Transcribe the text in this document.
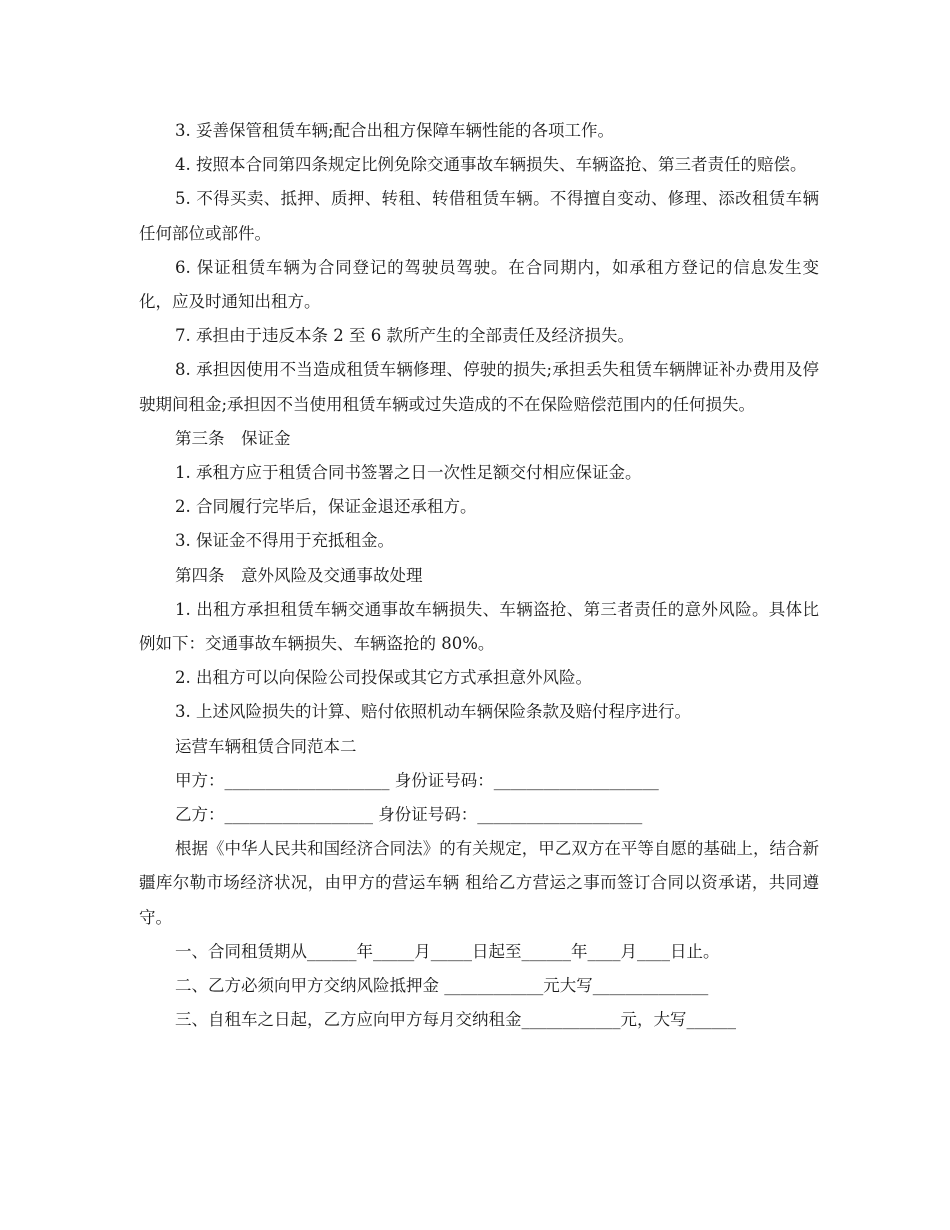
3. 妥善保管租赁车辆;配合出租方保障车辆性能的各项工作。

4. 按照本合同第四条规定比例免除交通事故车辆损失、车辆盗抢、第三者责任的赔偿。

5. 不得买卖、抵押、质押、转租、转借租赁车辆。不得擅自变动、修理、添改租赁车辆任何部位或部件。

6. 保证租赁车辆为合同登记的驾驶员驾驶。在合同期内，如承租方登记的信息发生变化，应及时通知出租方。

7. 承担由于违反本条 2 至 6 款所产生的全部责任及经济损失。

8. 承担因使用不当造成租赁车辆修理、停驶的损失;承担丢失租赁车辆牌证补办费用及停驶期间租金;承担因不当使用租赁车辆或过失造成的不在保险赔偿范围内的任何损失。

第三条　保证金

1. 承租方应于租赁合同书签署之日一次性足额交付相应保证金。

2. 合同履行完毕后，保证金退还承租方。

3. 保证金不得用于充抵租金。

第四条　意外风险及交通事故处理

1. 出租方承担租赁车辆交通事故车辆损失、车辆盗抢、第三者责任的意外风险。具体比例如下：交通事故车辆损失、车辆盗抢的 80%。

2. 出租方可以向保险公司投保或其它方式承担意外风险。

3. 上述风险损失的计算、赔付依照机动车辆保险条款及赔付程序进行。

运营车辆租赁合同范本二

甲方：____________________ 身份证号码：____________________

乙方：__________________ 身份证号码：____________________

根据《中华人民共和国经济合同法》的有关规定，甲乙双方在平等自愿的基础上，结合新疆库尔勒市场经济状况，由甲方的营运车辆 租给乙方营运之事而签订合同以资承诺，共同遵守。

一、合同租赁期从______年_____月_____日起至______年____月____日止。

二、乙方必须向甲方交纳风险抵押金 ____________元大写______________

三、自租车之日起，乙方应向甲方每月交纳租金____________元，大写______
